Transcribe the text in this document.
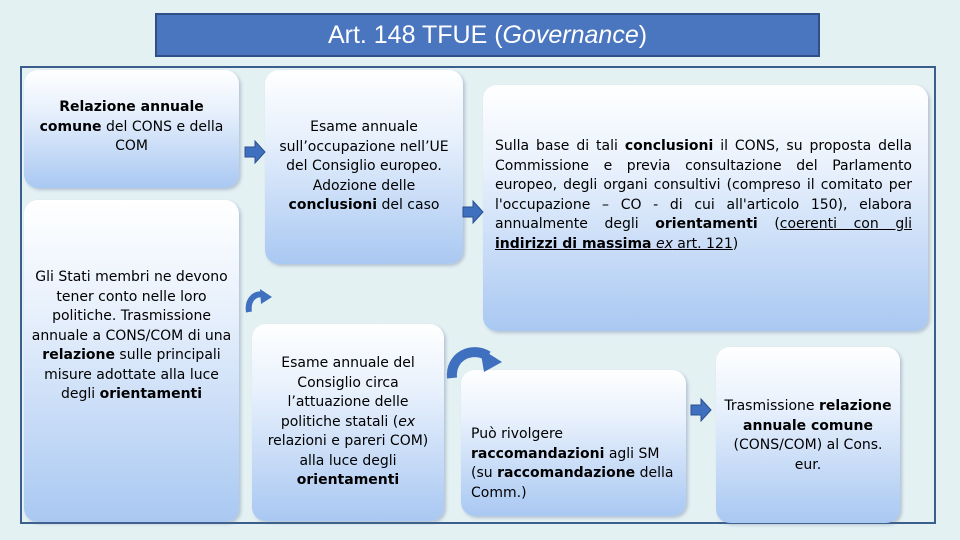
Art. 148 TFUE ( Governance )
Relazione annuale comune del CONS e della COM
Esame annuale sull’occupazione nell’UE del Consiglio europeo. Adozione delle conclusioni del caso
Sulla base di tali conclusioni il CONS, su proposta della Commissione e previa consultazione del Parlamento europeo, degli organi consultivi (compreso il comitato per l'occupazione – CO - di cui all'articolo 150), elabora annualmente degli orientamenti (coerenti con gli indirizzi di massima ex art. 121)
Gli Stati membri ne devono tener conto nelle loro politiche. Trasmissione annuale a CONS/COM di una relazione sulle principali misure adottate alla luce degli orientamenti
Esame annuale del Consiglio circa l’attuazione delle politiche statali (ex relazioni e pareri COM) alla luce degli orientamenti
Può rivolgere raccomandazioni agli SM (su raccomandazione della Comm.)
Trasmissione relazione annuale comune (CONS/COM) al Cons. eur.
